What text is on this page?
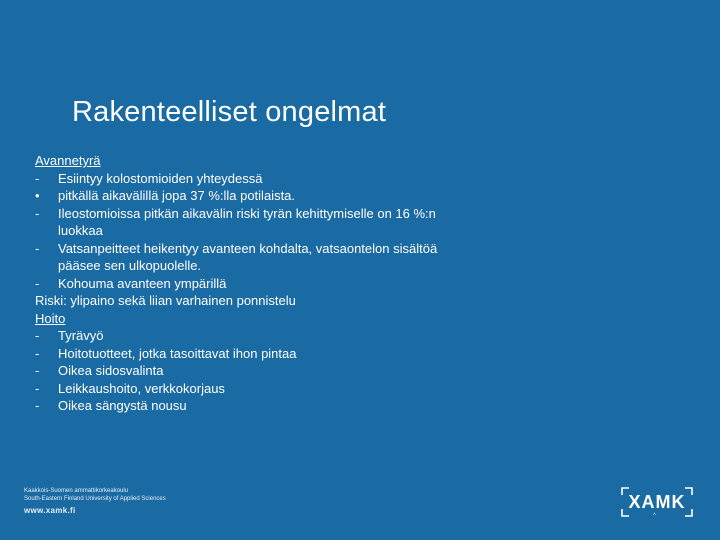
Rakenteelliset ongelmat
Avannetyrä
-	Esiintyy kolostomioiden yhteydessä
•	pitkällä aikavälillä jopa 37 %:lla potilaista.
-	Ileostomioissa pitkän aikavälin riski tyrän kehittymiselle on 16 %:n luokkaa
-	Vatsanpeitteet heikentyy avanteen kohdalta, vatsaontelon sisältöä pääsee sen ulkopuolelle.
-	Kohouma avanteen ympärillä
Riski: ylipaino sekä liian varhainen ponnistelu
Hoito
-	Tyrävyö
-	Hoitotuotteet, jotka tasoittavat ihon pintaa
-	Oikea sidosvalinta
-	Leikkaushoito, verkkokorjaus
-	Oikea sängystä nousu
Kaakkois-Suomen ammattikorkeakoulu
South-Eastern Finland University of Applied Sciences
www.xamk.fi	XAMK
^
